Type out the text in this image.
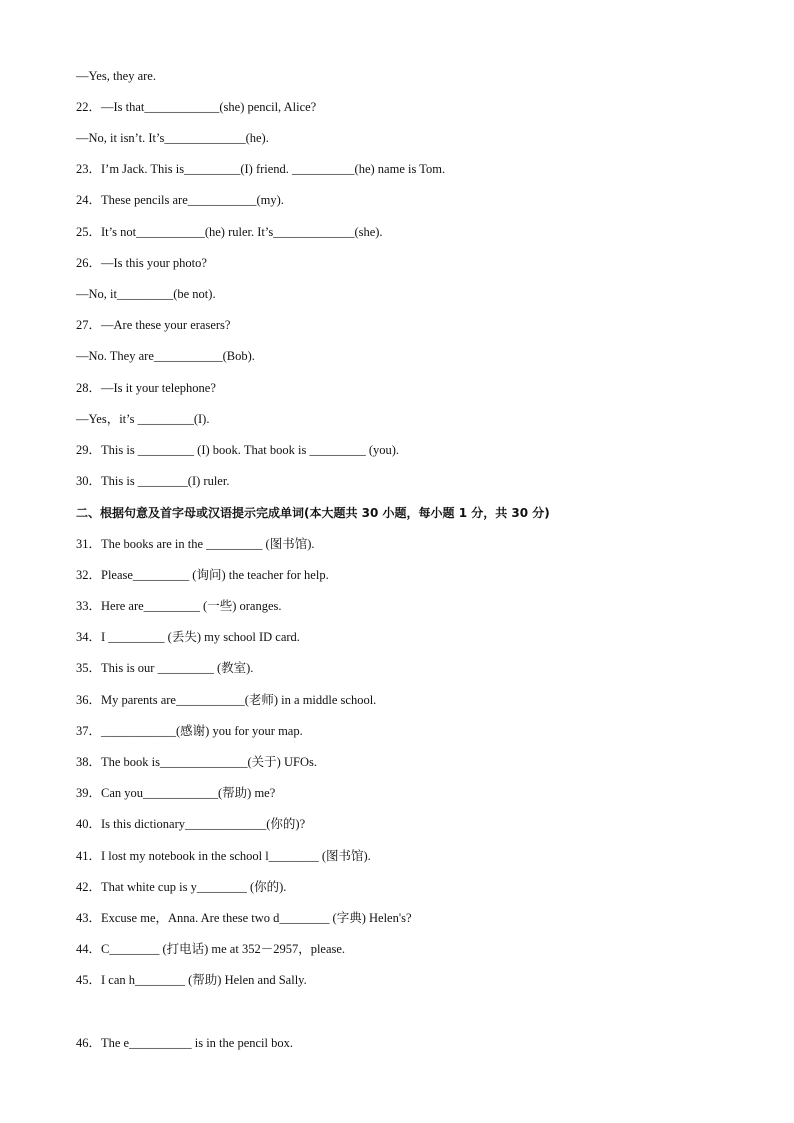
—Yes, they are.
22．—Is that____________(she) pencil, Alice?
—No, it isn’t. It’s_____________(he).
23．I’m Jack. This is_________(I) friend. __________(he) name is Tom.
24．These pencils are___________(my).
25．It’s not___________(he) ruler. It’s_____________(she).
26．—Is this your photo?
—No, it_________(be not).
27．—Are these your erasers?
—No. They are___________(Bob).
28．—Is it your telephone?
—Yes，it’s _________(I).
29．This is _________ (I) book. That book is _________ (you).
30．This is ________(I) ruler.
二、根据句意及首字母或汉语提示完成单词(本大题共 30 小题，每小题 1 分，共 30 分)
31．The books are in the _________ (图书馆).
32．Please_________ (询问) the teacher for help.
33．Here are_________ (一些) oranges.
34．I _________ (丢失) my school ID card.
35．This is our _________ (教室).
36．My parents are___________(老师) in a middle school.
37．____________(感谢) you for your map.
38．The book is______________(关于) UFOs.
39．Can you____________(帮助) me?
40．Is this dictionary_____________(你的)?
41．I lost my notebook in the school l________ (图书馆).
42．That white cup is y________ (你的).
43．Excuse me，Anna. Are these two d________ (字典) Helen's?
44．C________ (打电话) me at 352－2957，please.
45．I can h________ (帮助) Helen and Sally.
46．The e__________ is in the pencil box.
